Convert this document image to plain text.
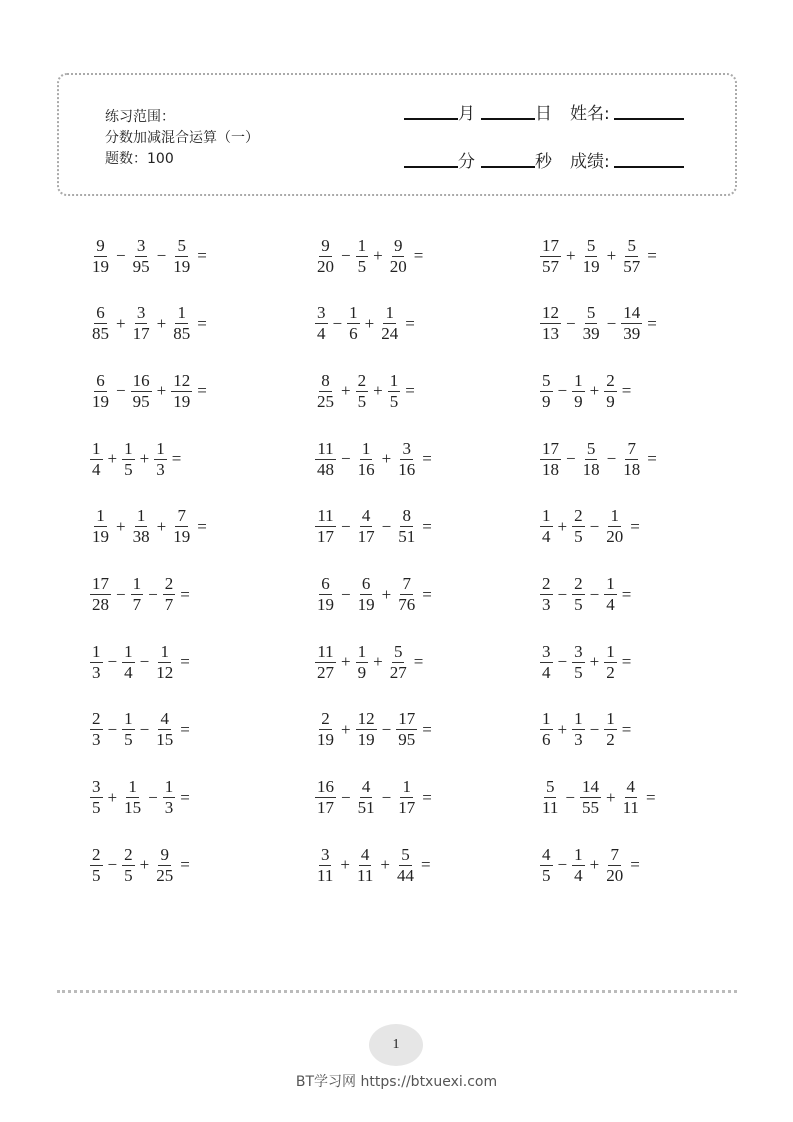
练习范围：
分数加减混合运算（一）
题数：100
月	日 姓名:
分	秒 成绩:
$\frac{9}{19} - \frac{3}{95} - \frac{5}{19}$ =	$\frac{9}{20} - \frac{1}{5} + \frac{9}{20}$ =	$\frac{17}{57} + \frac{5}{19} + \frac{5}{57}$ =
$\frac{6}{85} + \frac{3}{17} + \frac{1}{85}$ =	$\frac{3}{4} - \frac{1}{6} + \frac{1}{24}$ =	$\frac{12}{13} - \frac{5}{39} - \frac{14}{39}$ =
$\frac{6}{19} - \frac{16}{95} + \frac{12}{19}$ =	$\frac{8}{25} + \frac{2}{5} + \frac{1}{5}$ =	$\frac{5}{9} - \frac{1}{9} + \frac{2}{9}$ =
$\frac{1}{4} + \frac{1}{5} + \frac{1}{3}$ =	$\frac{11}{48} - \frac{1}{16} + \frac{3}{16}$ =	$\frac{17}{18} - \frac{5}{18} - \frac{7}{18}$ =
$\frac{1}{19} + \frac{1}{38} + \frac{7}{19}$ =	$\frac{11}{17} - \frac{4}{17} - \frac{8}{51}$ =	$\frac{1}{4} + \frac{2}{5} - \frac{1}{20}$ =
$\frac{17}{28} - \frac{1}{7} - \frac{2}{7}$ =	$\frac{6}{19} - \frac{6}{19} + \frac{7}{76}$ =	$\frac{2}{3} - \frac{2}{5} - \frac{1}{4}$ =
$\frac{1}{3} - \frac{1}{4} - \frac{1}{12}$ =	$\frac{11}{27} + \frac{1}{9} + \frac{5}{27}$ =	$\frac{3}{4} - \frac{3}{5} + \frac{1}{2}$ =
$\frac{2}{3} - \frac{1}{5} - \frac{4}{15}$ =	$\frac{2}{19} + \frac{12}{19} - \frac{17}{95}$ =	$\frac{1}{6} + \frac{1}{3} - \frac{1}{2}$ =
$\frac{3}{5} + \frac{1}{15} - \frac{1}{3}$ =	$\frac{16}{17} - \frac{4}{51} - \frac{1}{17}$ =	$\frac{5}{11} - \frac{14}{55} + \frac{4}{11}$ =
$\frac{2}{5} - \frac{2}{5} + \frac{9}{25}$ =	$\frac{3}{11} + \frac{4}{11} + \frac{5}{44}$ =	$\frac{4}{5} - \frac{1}{4} + \frac{7}{20}$ =
1
BT学习网 https://btxuexi.com
